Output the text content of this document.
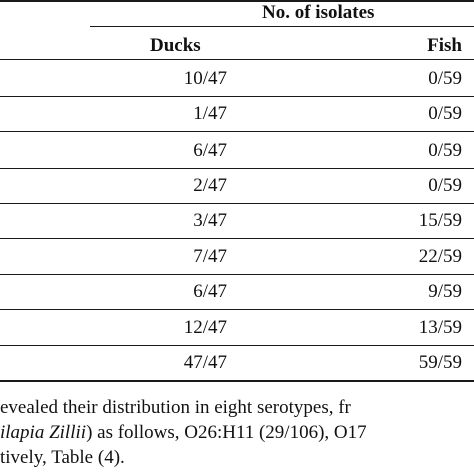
No. of isolates
Ducks	Fish
10/47	0/59
1/47	0/59
6/47	0/59
2/47	0/59
3/47	15/59
7/47	22/59
6/47	9/59
12/47	13/59
47/47	59/59
evealed their distribution in eight serotypes, fr
ilapia Zillii) as follows, O26:H11 (29/106), O17
tively, Table (4).
